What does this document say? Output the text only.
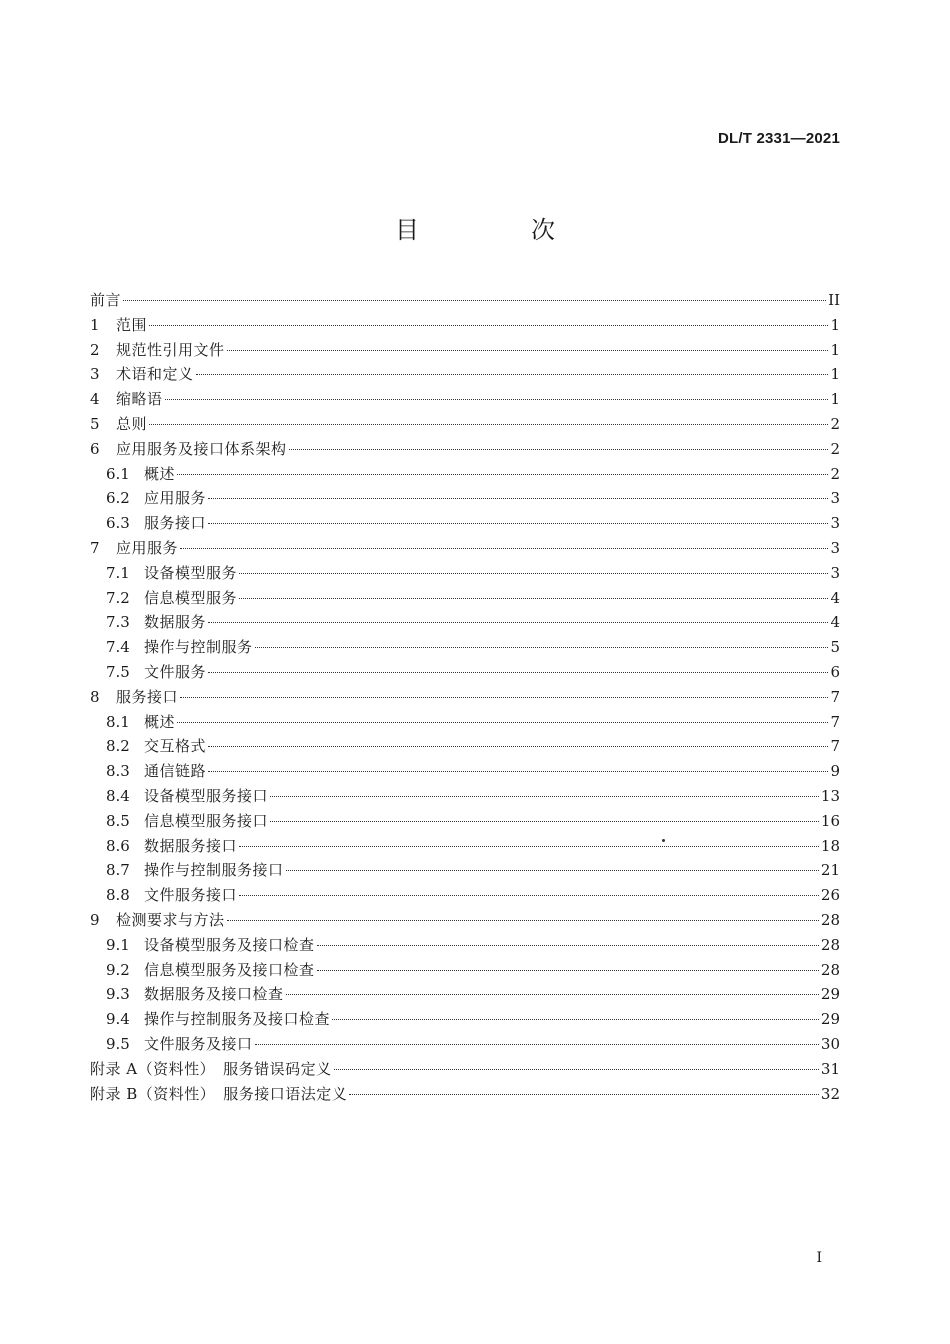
DL/T 2331—2021
目　次
前言	II
1	范围	1
2	规范性引用文件	1
3	术语和定义	1
4	缩略语	1
5	总则	2
6	应用服务及接口体系架构	2
6.1 概述	2
6.2 应用服务	3
6.3 服务接口	3
7	应用服务	3
7.1 设备模型服务	3
7.2 信息模型服务	4
7.3 数据服务	4
7.4 操作与控制服务	5
7.5 文件服务	6
8	服务接口	7
8.1 概述	7
8.2 交互格式	7
8.3 通信链路	9
8.4 设备模型服务接口	13
8.5 信息模型服务接口	16
8.6 数据服务接口	18
8.7 操作与控制服务接口	21
8.8 文件服务接口	26
9	检测要求与方法	28
9.1 设备模型服务及接口检查	28
9.2 信息模型服务及接口检查	28
9.3 数据服务及接口检查	29
9.4 操作与控制服务及接口检查	29
9.5 文件服务及接口	30
附录 A（资料性）　服务错误码定义	31
附录 B（资料性）　服务接口语法定义	32
I
